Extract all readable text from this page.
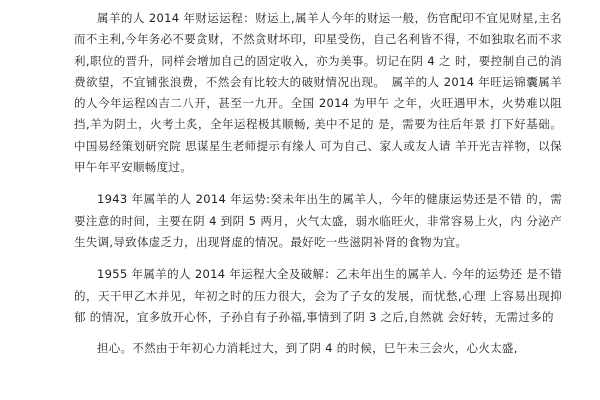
属羊的人 2014 年财运运程：财运上,属羊人今年的财运一般，伤官配印不宜见财星,主名而不主利,今年务必不要贪财，不然贪财坏印，印星受伤，自己名利皆不得，不如独取名而不求利,职位的晋升，同样会增加自己的固定收入，亦为美事。切记在阴 4 之 时，要控制自己的消费欲望，不宜铺张浪费，不然会有比较大的破财情况出现。　属羊的人 2014 年旺运锦囊属羊的人今年运程凶吉二八开，甚至一九开。全国 2014 为甲午 之年，火旺遇甲木，火势难以阻挡,羊为阴土，火考土炙，全年运程极其顺畅, 美中不足的 是，需要为往后年景 打下好基础。中国易经策划研究院 思谋星生老师提示有缘人 可为自己、家人或友人请 羊开光吉祥物，以保甲午年平安顺畅度过。

1943 年属羊的人 2014 年运势:癸未年出生的属羊人，今年的健康运势还是不错 的，需要注意的时间，主要在阴 4 到阴 5 两月，火气太盛，弱水临旺火，非常容易上火，内 分泌产生失调,导致体虚乏力，出现肾虚的情况。最好吃一些滋阴补肾的食物为宜。

1955 年属羊的人 2014 年运程大全及破解：乙未年出生的属羊人. 今年的运势还 是不错的，天干甲乙木并见，年初之时的压力很大，会为了子女的发展，而忧愁,心理 上容易出现抑郁 的情况，宜多放开心怀，子孙自有子孙福,事情到了阴 3 之后,自然就 会好转，无需过多的

担心。不然由于年初心力消耗过大，到了阴 4 的时候，巳午未三会火，心火太盛,
